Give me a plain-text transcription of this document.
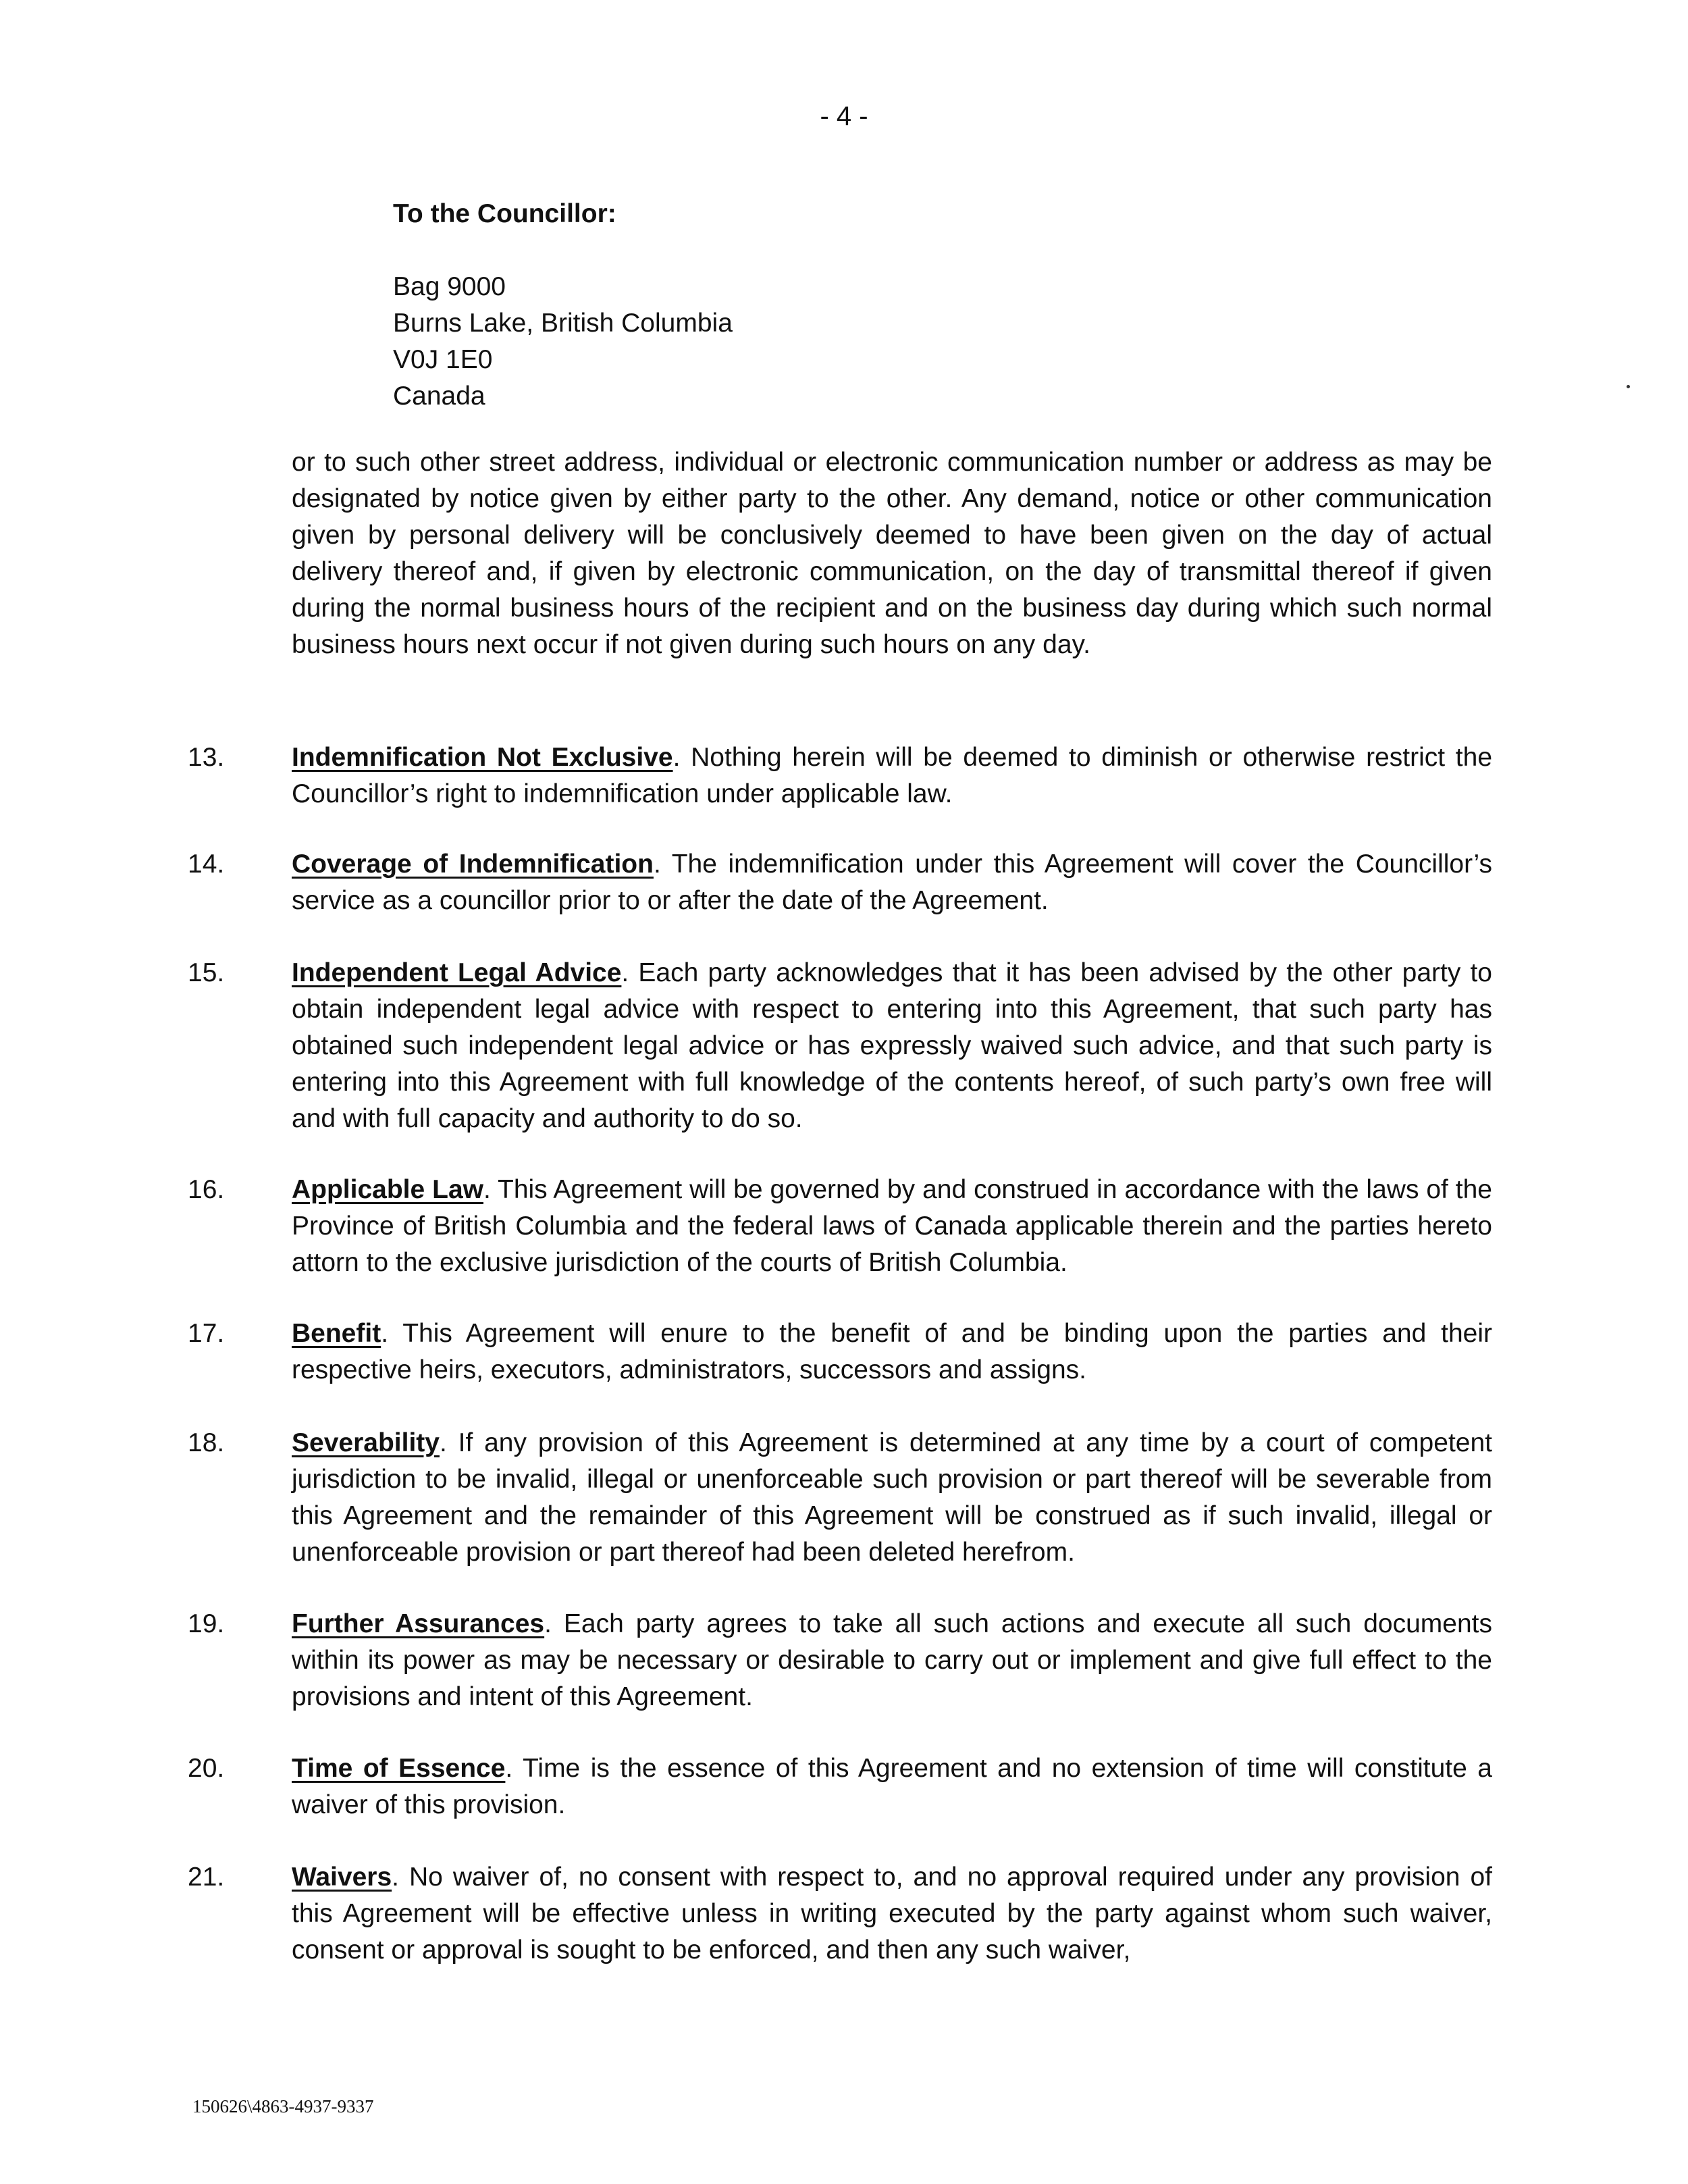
- 4 -
To the Councillor:
Bag 9000
Burns Lake, British Columbia
V0J 1E0
Canada
or to such other street address, individual or electronic communication number or address as may be designated by notice given by either party to the other. Any demand, notice or other communication given by personal delivery will be conclusively deemed to have been given on the day of actual delivery thereof and, if given by electronic communication, on the day of transmittal thereof if given during the normal business hours of the recipient and on the business day during which such normal business hours next occur if not given during such hours on any day.
13.	Indemnification Not Exclusive. Nothing herein will be deemed to diminish or otherwise restrict the Councillor’s right to indemnification under applicable law.
14.	Coverage of Indemnification. The indemnification under this Agreement will cover the Councillor’s service as a councillor prior to or after the date of the Agreement.
15.	Independent Legal Advice. Each party acknowledges that it has been advised by the other party to obtain independent legal advice with respect to entering into this Agreement, that such party has obtained such independent legal advice or has expressly waived such advice, and that such party is entering into this Agreement with full knowledge of the contents hereof, of such party’s own free will and with full capacity and authority to do so.
16.	Applicable Law. This Agreement will be governed by and construed in accordance with the laws of the Province of British Columbia and the federal laws of Canada applicable therein and the parties hereto attorn to the exclusive jurisdiction of the courts of British Columbia.
17.	Benefit. This Agreement will enure to the benefit of and be binding upon the parties and their respective heirs, executors, administrators, successors and assigns.
18.	Severability. If any provision of this Agreement is determined at any time by a court of competent jurisdiction to be invalid, illegal or unenforceable such provision or part thereof will be severable from this Agreement and the remainder of this Agreement will be construed as if such invalid, illegal or unenforceable provision or part thereof had been deleted herefrom.
19.	Further Assurances. Each party agrees to take all such actions and execute all such documents within its power as may be necessary or desirable to carry out or implement and give full effect to the provisions and intent of this Agreement.
20.	Time of Essence. Time is the essence of this Agreement and no extension of time will constitute a waiver of this provision.
21.	Waivers. No waiver of, no consent with respect to, and no approval required under any provision of this Agreement will be effective unless in writing executed by the party against whom such waiver, consent or approval is sought to be enforced, and then any such waiver,
150626\4863-4937-9337
